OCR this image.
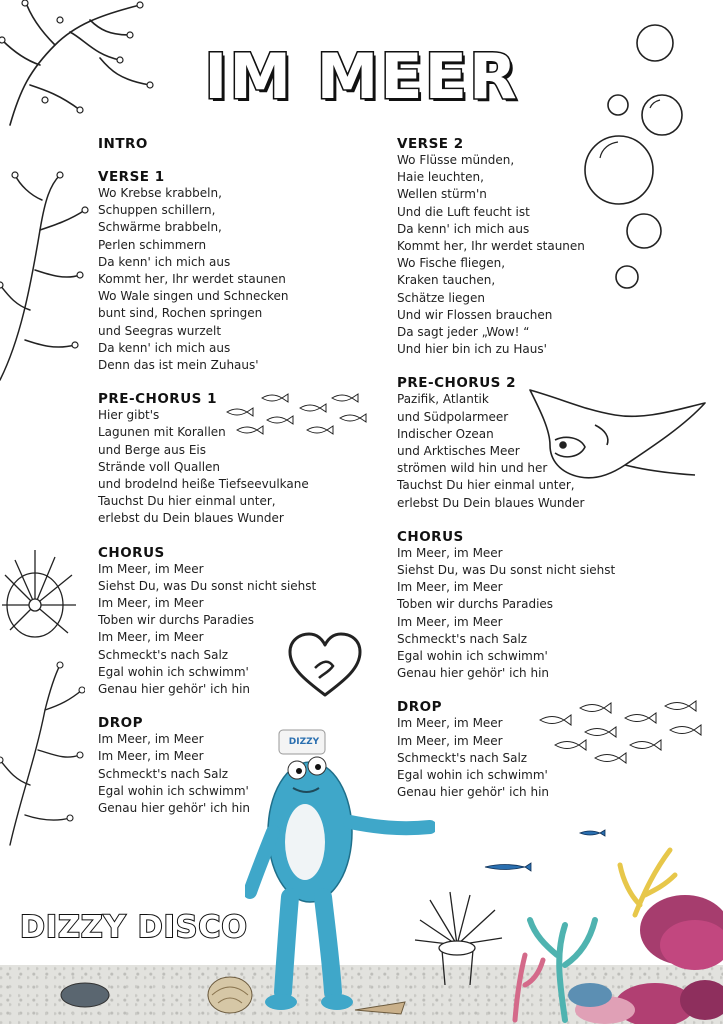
IM MEER
INTRO
VERSE 1
Wo Krebse krabbeln,
Schuppen schillern,
Schwärme brabbeln,
Perlen schimmern
Da kenn' ich mich aus
Kommt her, Ihr werdet staunen
Wo Wale singen und Schnecken
bunt sind, Rochen springen
und Seegras wurzelt
Da kenn' ich mich aus
Denn das ist mein Zuhaus'
PRE-CHORUS 1
Hier gibt's
Lagunen mit Korallen
und Berge aus Eis
Strände voll Quallen
und brodelnd heiße Tiefseevulkane
Tauchst Du hier einmal unter,
erlebst du Dein blaues Wunder
CHORUS
Im Meer, im Meer
Siehst Du, was Du sonst nicht siehst
Im Meer, im Meer
Toben wir durchs Paradies
Im Meer, im Meer
Schmeckt's nach Salz
Egal wohin ich schwimm'
Genau hier gehör' ich hin
DROP
Im Meer, im Meer
Im Meer, im Meer
Schmeckt's nach Salz
Egal wohin ich schwimm'
Genau hier gehör' ich hin
VERSE 2
Wo Flüsse münden,
Haie leuchten,
Wellen stürm'n
Und die Luft feucht ist
Da kenn' ich mich aus
Kommt her, Ihr werdet staunen
Wo Fische fliegen,
Kraken tauchen,
Schätze liegen
Und wir Flossen brauchen
Da sagt jeder „Wow! “
Und hier bin ich zu Haus'
PRE-CHORUS 2
Pazifik, Atlantik
und Südpolarmeer
Indischer Ozean
und Arktisches Meer
strömen wild hin und her
Tauchst Du hier einmal unter,
erlebst Du Dein blaues Wunder
CHORUS
Im Meer, im Meer
Siehst Du, was Du sonst nicht siehst
Im Meer, im Meer
Toben wir durchs Paradies
Im Meer, im Meer
Schmeckt's nach Salz
Egal wohin ich schwimm'
Genau hier gehör' ich hin
DROP
Im Meer, im Meer
Im Meer, im Meer
Schmeckt's nach Salz
Egal wohin ich schwimm'
Genau hier gehör' ich hin
DIZZY
DIZZY DISCO
